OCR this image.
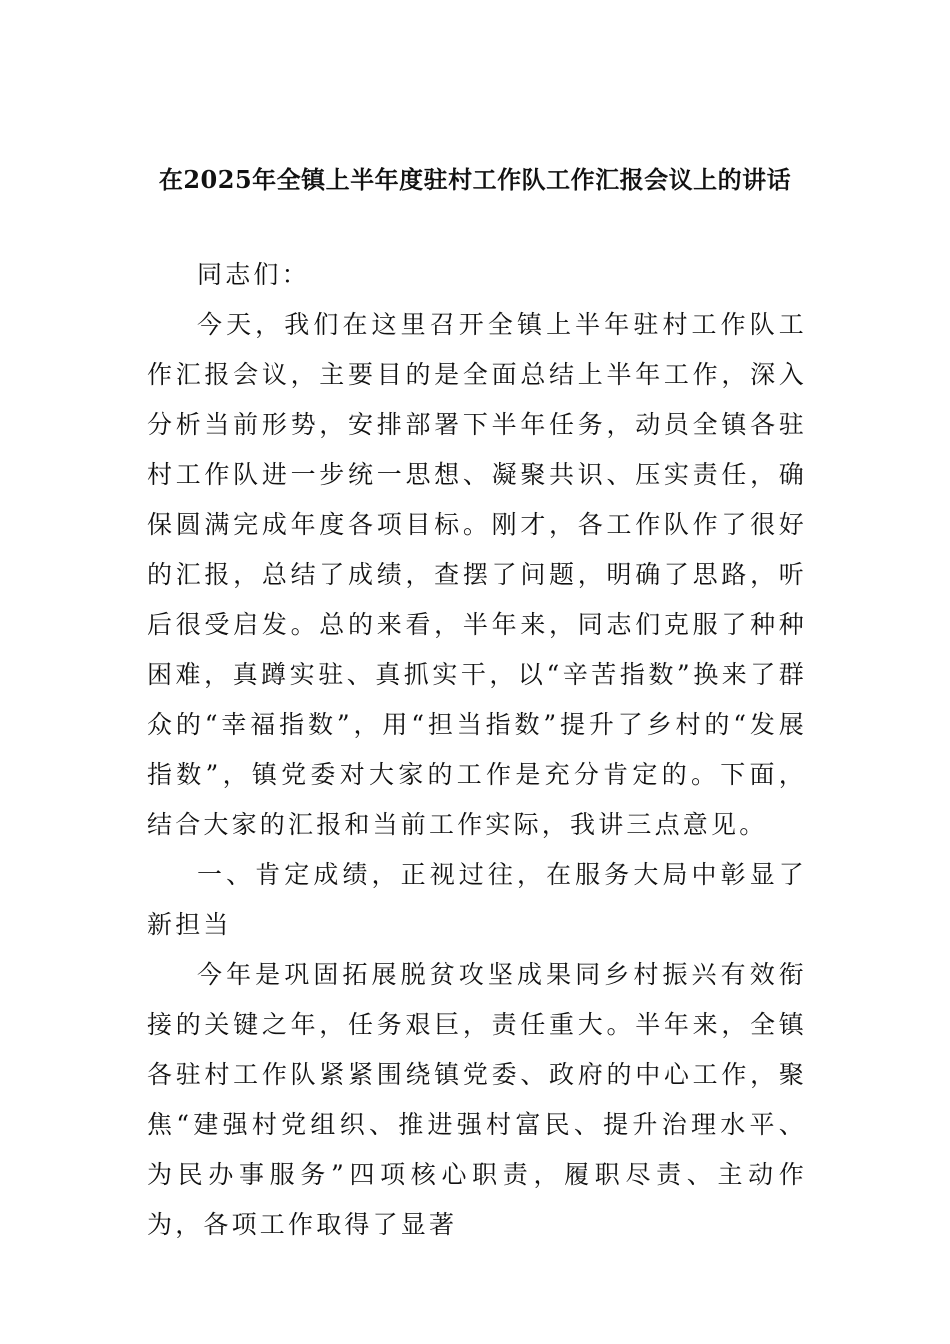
在2025年全镇上半年度驻村工作队工作汇报会议上的讲话

同志们：

今天，我们在这里召开全镇上半年驻村工作队工作汇报会议，主要目的是全面总结上半年工作，深入分析当前形势，安排部署下半年任务，动员全镇各驻村工作队进一步统一思想、凝聚共识、压实责任，确保圆满完成年度各项目标。刚才，各工作队作了很好的汇报，总结了成绩，查摆了问题，明确了思路，听后很受启发。总的来看，半年来，同志们克服了种种困难，真蹲实驻、真抓实干，以“辛苦指数”换来了群众的“幸福指数”，用“担当指数”提升了乡村的“发展指数”，镇党委对大家的工作是充分肯定的。下面，结合大家的汇报和当前工作实际，我讲三点意见。

一、肯定成绩，正视过往，在服务大局中彰显了新担当

今年是巩固拓展脱贫攻坚成果同乡村振兴有效衔接的关键之年，任务艰巨，责任重大。半年来，全镇各驻村工作队紧紧围绕镇党委、政府的中心工作，聚焦“建强村党组织、推进强村富民、提升治理水平、为民办事服务”四项核心职责，履职尽责、主动作为，各项工作取得了显著
